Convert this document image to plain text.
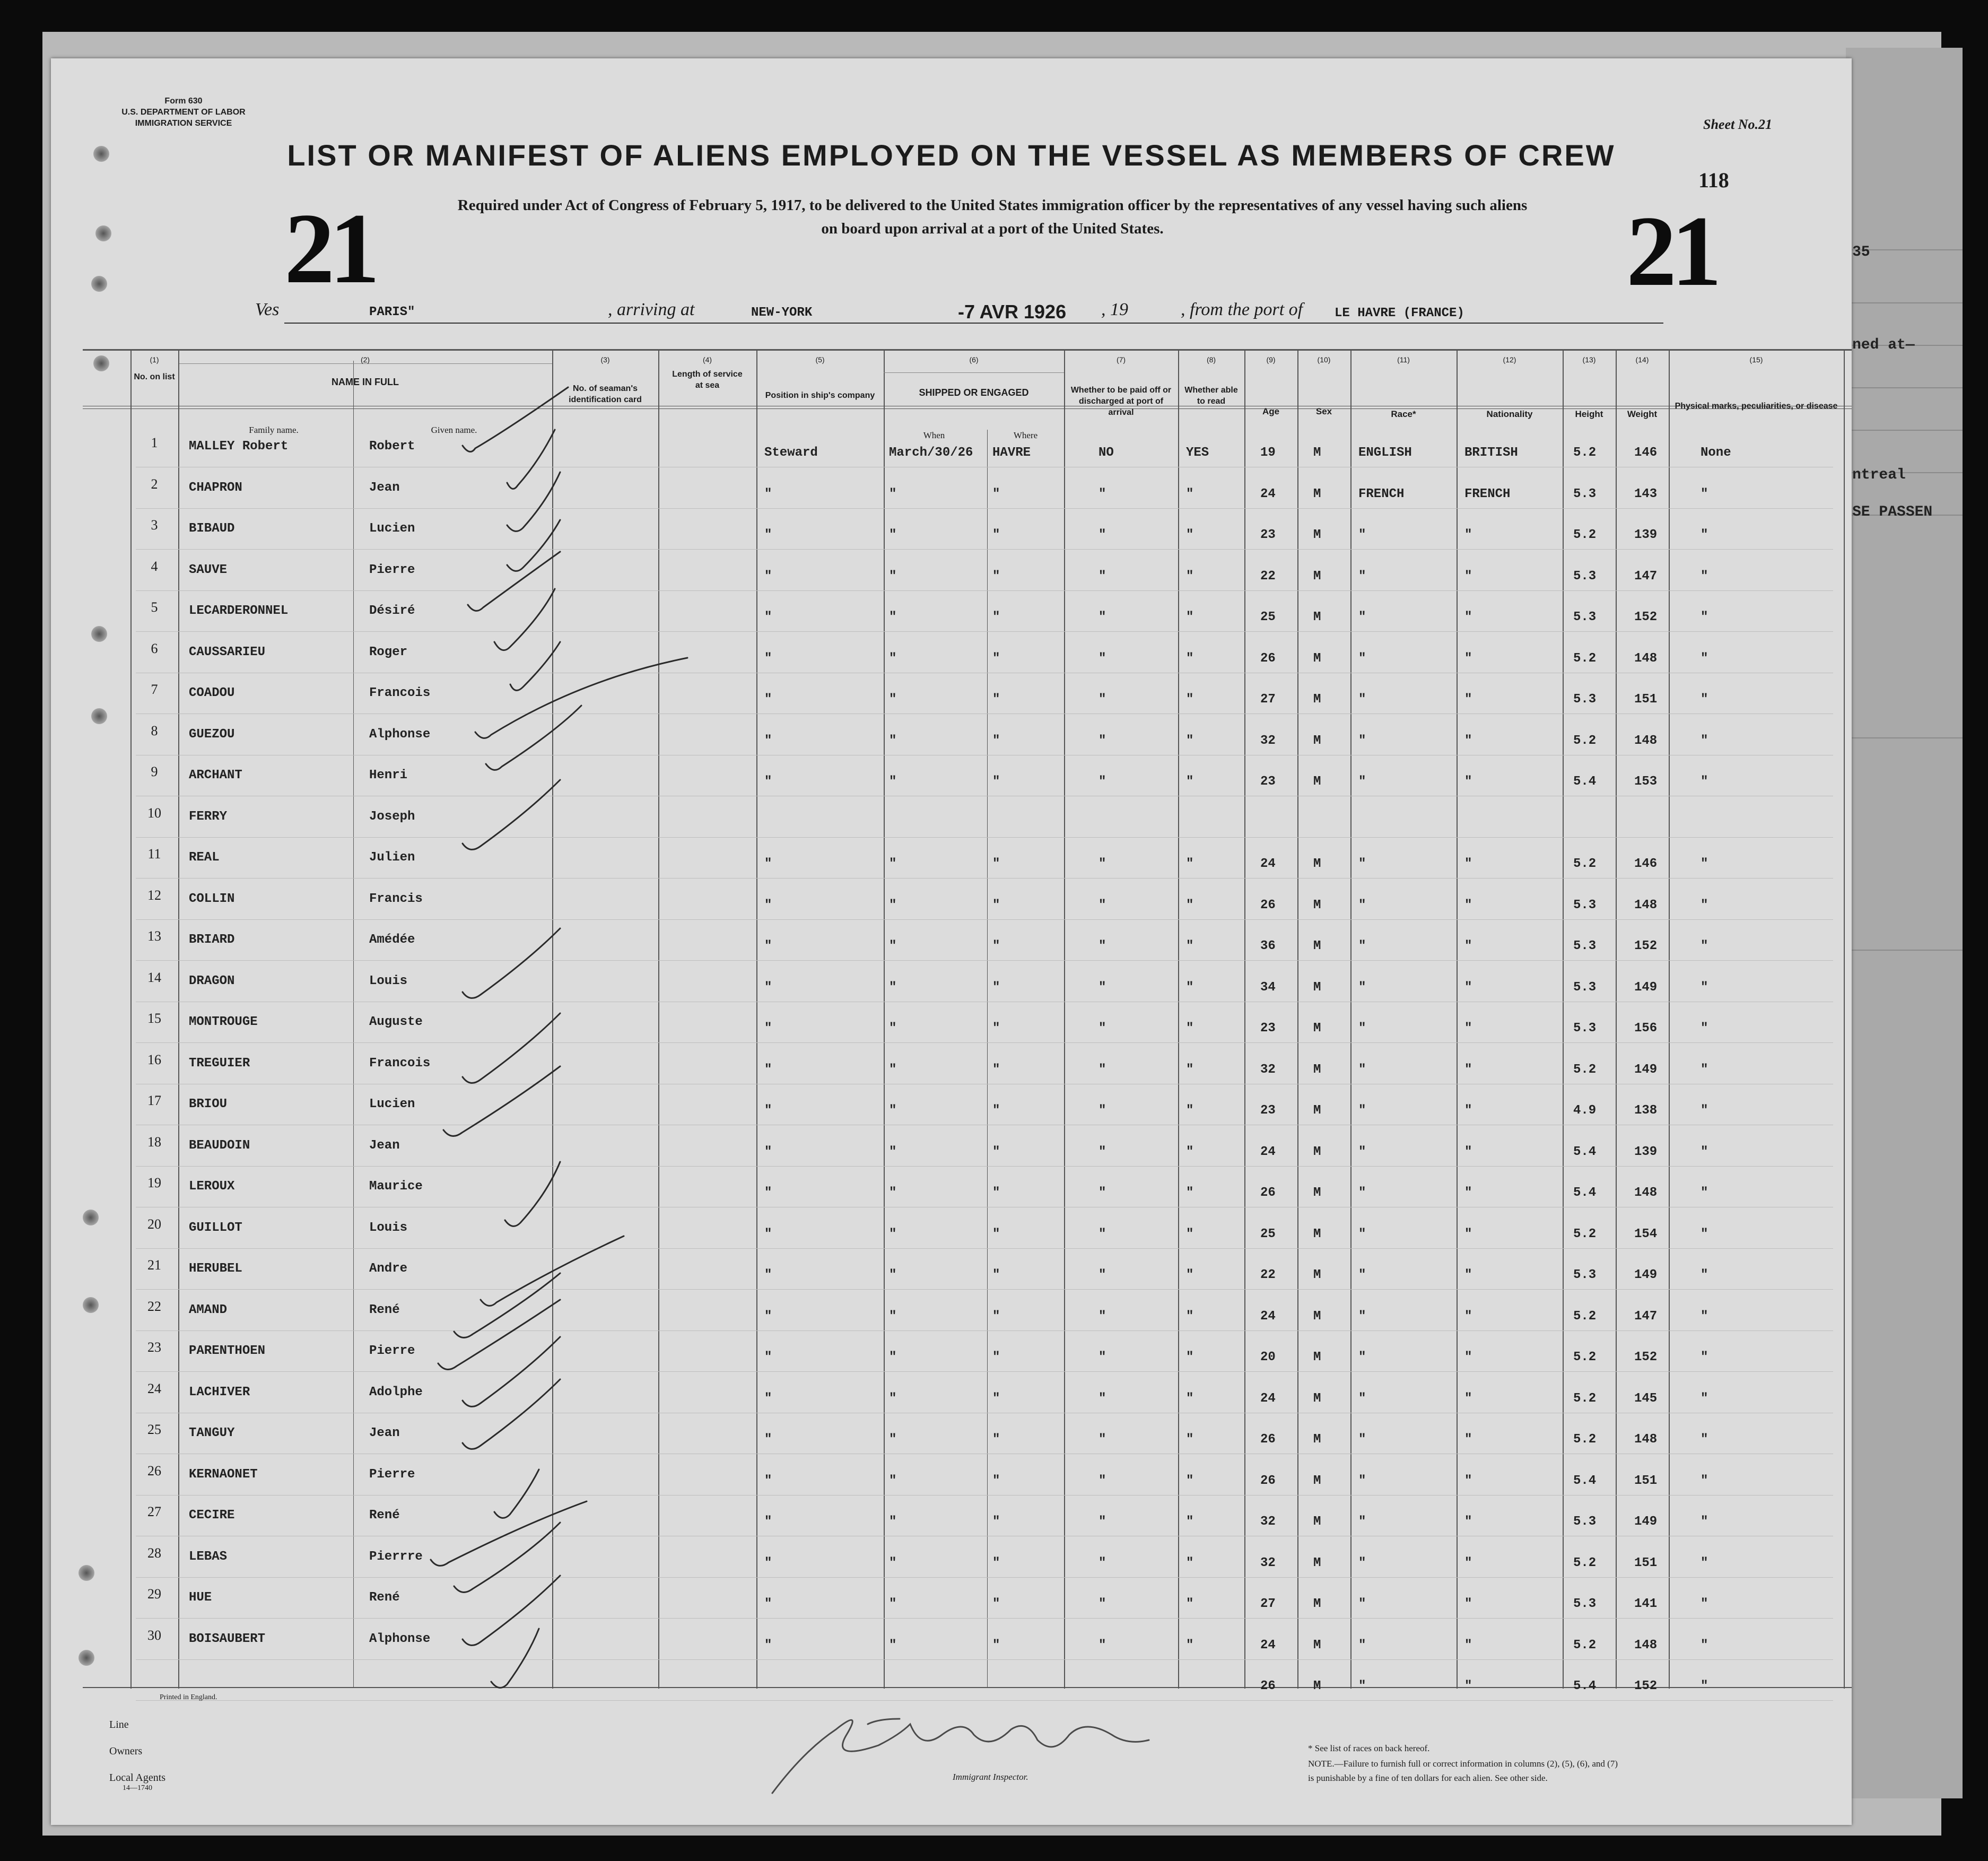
35
ned at—
ntreal
SE PASSEN
Form 630
U.S. DEPARTMENT OF LABOR
IMMIGRATION SERVICE	Sheet No.21
118
LIST OR MANIFEST OF ALIENS EMPLOYED ON THE VESSEL AS MEMBERS OF CREW
Required under Act of Congress of February 5, 1917, to be delivered to the United States immigration officer by the representatives of any vessel having such aliens
on board upon arrival at a port of the United States.
21	21
Ves	PARIS"	, arriving at	NEW-YORK	-7 AVR 1926 , 19	, from the port of LE HAVRE (FRANCE)
(1)	(2)	(3)	(4)	(5)	(6)	(7)	(8)	(9)	(10)	(11)	(12)	(13)	(14)	(15)
No. on list	NAME IN FULL
Family name.	Given name.
No. of seaman's identification card
Length of service at sea
Position in ship's company	SHIPPED OR ENGAGED
When	Where
Whether to be paid off or discharged at port of arrival
Whether able to read
Age	Sex	Race*	Nationality	Height	Weight
Physical marks, peculiarities, or disease
1	MALLEY Robert	Robert	Steward	March/30/26 HAVRE	NO	YES	19	M	ENGLISH	BRITISH	5.2	146	None
2	CHAPRON	Jean	"	"	"	"	"	24	M	FRENCH	FRENCH	5.3	143	"
3	BIBAUD	Lucien	"	"	"	"	"	23	M	"	"	5.2	139	"
4	SAUVE	Pierre	"	"	"	"	"	22	M	"	"	5.3	147	"
5	LECARDERONNEL	Désiré	"	"	"	"	"	25	M	"	"	5.3	152	"
6	CAUSSARIEU	Roger	"	"	"	"	"	26	M	"	"	5.2	148	"
7	COADOU	Francois	"	"	"	"	"	27	M	"	"	5.3	151	"
8	GUEZOU	Alphonse	"	"	"	"	"	32	M	"	"	5.2	148	"
9	ARCHANT	Henri	"	"	"	"	"	23	M	"	"	5.4	153	"
10	FERRY	Joseph
11	REAL	Julien	"	"	"	"	"	24	M	"	"	5.2	146	"
12	COLLIN	Francis	"	"	"	"	"	26	M	"	"	5.3	148	"
13	BRIARD	Amédée	"	"	"	"	"	36	M	"	"	5.3	152	"
14	DRAGON	Louis	"	"	"	"	"	34	M	"	"	5.3	149	"
15	MONTROUGE	Auguste	"	"	"	"	"	23	M	"	"	5.3	156	"
16	TREGUIER	Francois	"	"	"	"	"	32	M	"	"	5.2	149	"
17	BRIOU	Lucien	"	"	"	"	"	23	M	"	"	4.9	138	"
18	BEAUDOIN	Jean	"	"	"	"	"	24	M	"	"	5.4	139	"
19	LEROUX	Maurice	"	"	"	"	"	26	M	"	"	5.4	148	"
20	GUILLOT	Louis	"	"	"	"	"	25	M	"	"	5.2	154	"
21	HERUBEL	Andre	"	"	"	"	"	22	M	"	"	5.3	149	"
22	AMAND	René	"	"	"	"	"	24	M	"	"	5.2	147	"
23	PARENTHOEN	Pierre	"	"	"	"	"	20	M	"	"	5.2	152	"
24	LACHIVER	Adolphe	"	"	"	"	"	24	M	"	"	5.2	145	"
25	TANGUY	Jean	"	"	"	"	"	26	M	"	"	5.2	148	"
26	KERNAONET	Pierre	"	"	"	"	"	26	M	"	"	5.4	151	"
27	CECIRE	René	"	"	"	"	"	32	M	"	"	5.3	149	"
28	LEBAS	Pierrre	"	"	"	"	"	32	M	"	"	5.2	151	"
29	HUE	René	"	"	"	"	"	27	M	"	"	5.3	141	"
30	BOISAUBERT	Alphonse	"	"	"	"	"	24	M	"	"	5.2	148	"
26	M	"	"	5.4	152	"
Printed in England.
Line
Owners
Local Agents
14—1740
Immigrant Inspector.
* See list of races on back hereof.
NOTE.—Failure to furnish full or correct information in columns (2), (5), (6), and (7)
is punishable by a fine of ten dollars for each alien. See other side.
